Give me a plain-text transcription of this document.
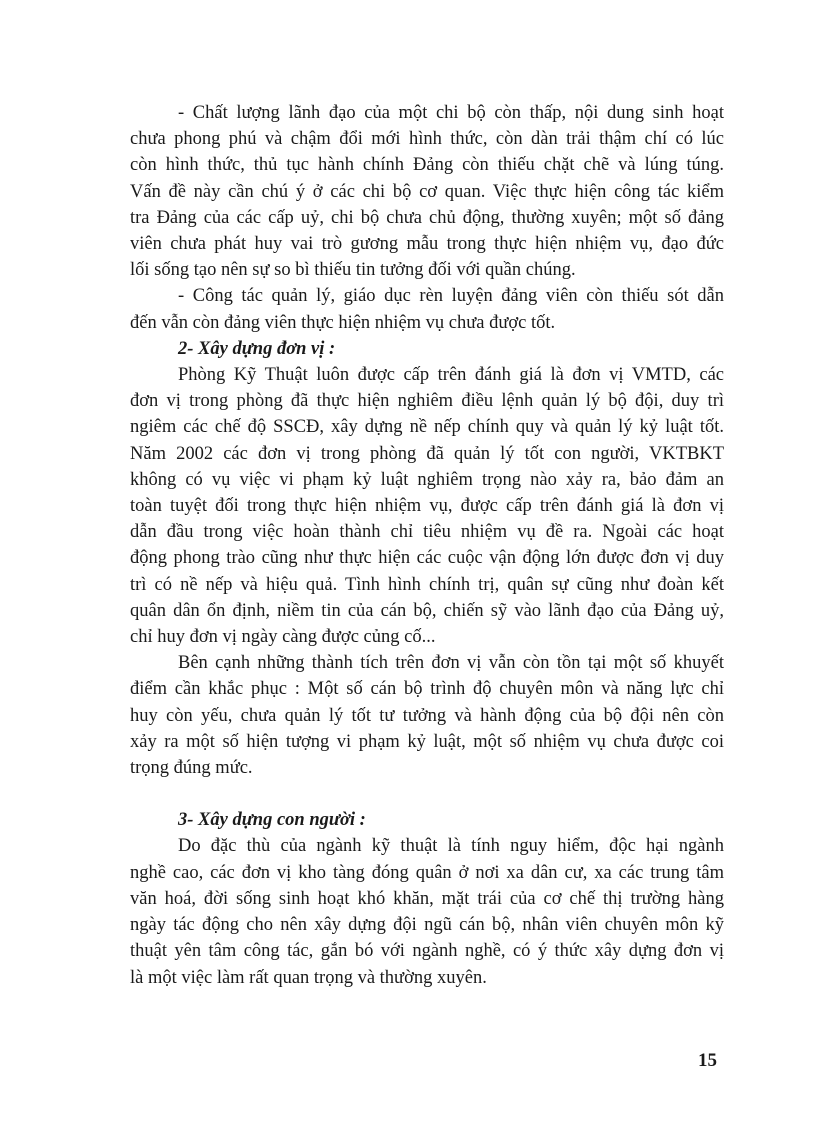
- Chất lượng lãnh đạo của một chi bộ còn thấp, nội dung sinh hoạt
chưa phong phú và chậm đổi mới hình thức, còn dàn trải thậm chí có lúc
còn hình thức, thủ tục hành chính Đảng còn thiếu chặt chẽ và lúng túng.
Vấn đề này cần chú ý ở các chi bộ cơ quan. Việc thực hiện công tác kiểm
tra Đảng của các cấp uỷ, chi bộ chưa chủ động, thường xuyên; một số đảng
viên chưa phát huy vai trò gương mẫu trong thực hiện nhiệm vụ, đạo đức
lối sống tạo nên sự so bì thiếu tin tưởng đối với quần chúng.
- Công tác quản lý, giáo dục rèn luyện đảng viên còn thiếu sót dẫn
đến vẫn còn đảng viên thực hiện nhiệm vụ chưa được tốt.

2- Xây dựng đơn vị :

Phòng Kỹ Thuật luôn được cấp trên đánh giá là đơn vị VMTD, các
đơn vị trong phòng đã thực hiện nghiêm điều lệnh quản lý bộ đội, duy trì
ngiêm các chế độ SSCĐ, xây dựng nề nếp chính quy và quản lý kỷ luật tốt.
Năm 2002 các đơn vị trong phòng đã quản lý tốt con người, VKTBKT
không có vụ việc vi phạm kỷ luật nghiêm trọng nào xảy ra, bảo đảm an
toàn tuyệt đối trong thực hiện nhiệm vụ, được cấp trên đánh giá là đơn vị
dẫn đầu trong việc hoàn thành chỉ tiêu nhiệm vụ đề ra. Ngoài các hoạt
động phong trào cũng như thực hiện các cuộc vận động lớn được đơn vị duy
trì có nề nếp và hiệu quả. Tình hình chính trị, quân sự cũng như đoàn kết
quân dân ổn định, niềm tin của cán bộ, chiến sỹ vào lãnh đạo của Đảng uỷ,
chỉ huy đơn vị ngày càng được củng cố...
Bên cạnh những thành tích trên đơn vị vẫn còn tồn tại một số khuyết
điểm cần khắc phục : Một số cán bộ trình độ chuyên môn và năng lực chỉ
huy còn yếu, chưa quản lý tốt tư tưởng và hành động của bộ đội nên còn
xảy ra một số hiện tượng vi phạm kỷ luật, một số nhiệm vụ chưa được coi
trọng đúng mức.

3- Xây dựng con người :

Do đặc thù của ngành kỹ thuật là tính nguy hiểm, độc hại ngành
nghề cao, các đơn vị kho tàng đóng quân ở nơi xa dân cư, xa các trung tâm
văn hoá, đời sống sinh hoạt khó khăn, mặt trái của cơ chế thị trường hàng
ngày tác động cho nên xây dựng đội ngũ cán bộ, nhân viên chuyên môn kỹ
thuật yên tâm công tác, gắn bó với ngành nghề, có ý thức xây dựng đơn vị
là một việc làm rất quan trọng và thường xuyên.
15
